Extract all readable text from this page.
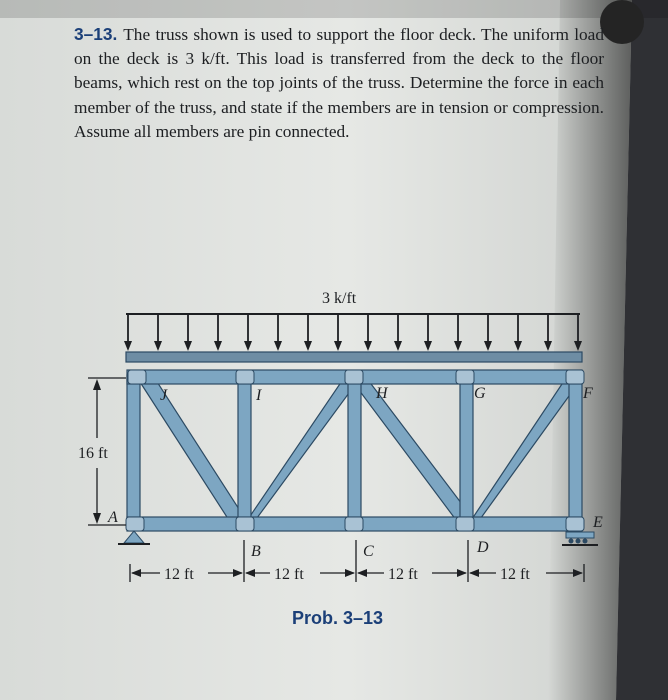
3–13. The truss shown is used to support the floor deck. The uniform load on the deck is 3 k/ft. This load is transferred from the deck to the floor beams, which rest on the top joints of the truss. Determine the force in each member of the truss, and state if the members are in tension or compression. Assume all members are pin connected.
3 k/ft
A
J	I	H	G	F
E
B	C	D
16 ft
12 ft	12 ft	12 ft	12 ft
Prob. 3–13
